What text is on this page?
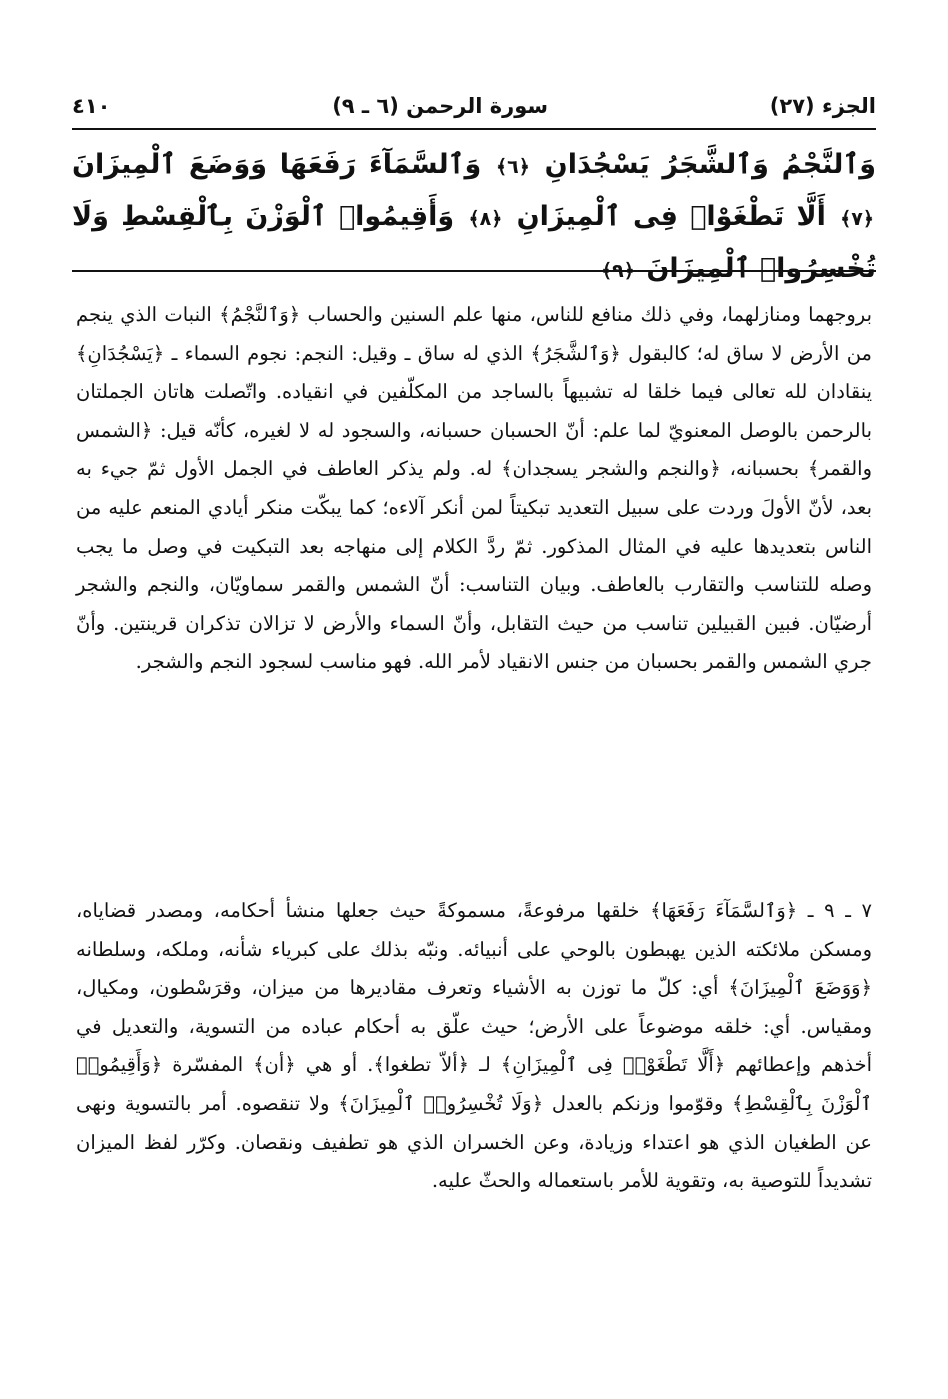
٤١٠	سورة الرحمن (٦ ـ ٩)	الجزء (٢٧)
وَٱلنَّجْمُ وَٱلشَّجَرُ يَسْجُدَانِ ﴿٦﴾ وَٱلسَّمَآءَ رَفَعَهَا وَوَضَعَ ٱلْمِيزَانَ ﴿٧﴾ أَلَّا تَطْغَوْا۟ فِى ٱلْمِيزَانِ ﴿٨﴾ وَأَقِيمُوا۟ ٱلْوَزْنَ بِٱلْقِسْطِ وَلَا تُخْسِرُوا۟ ٱلْمِيزَانَ ﴿٩﴾

بروجهما ومنازلهما، وفي ذلك منافع للناس، منها علم السنين والحساب ﴿وَٱلنَّجْمُ﴾ النبات الذي ينجم من الأرض لا ساق له؛ كالبقول ﴿وَٱلشَّجَرُ﴾ الذي له ساق ـ وقيل: النجم: نجوم السماء ـ ﴿يَسْجُدَانِ﴾ ينقادان لله تعالى فيما خلقا له تشبيهاً بالساجد من المكلّفين في انقياده. واتّصلت هاتان الجملتان بالرحمن بالوصل المعنويّ لما علم: أنّ الحسبان حسبانه، والسجود له لا لغيره، كأنّه قيل: ﴿الشمس والقمر﴾ بحسبانه، ﴿والنجم والشجر يسجدان﴾ له. ولم يذكر العاطف في الجمل الأول ثمّ جيء به بعد، لأنّ الأولَ وردت على سبيل التعديد تبكيتاً لمن أنكر آلاءه؛ كما يبكّت منكر أيادي المنعم عليه من الناس بتعديدها عليه في المثال المذكور. ثمّ ردَّ الكلام إلى منهاجه بعد التبكيت في وصل ما يجب وصله للتناسب والتقارب بالعاطف. وبيان التناسب: أنّ الشمس والقمر سماويّان، والنجم والشجر أرضيّان. فبين القبيلين تناسب من حيث التقابل، وأنّ السماء والأرض لا تزالان تذكران قرينتين. وأنّ جري الشمس والقمر بحسبان من جنس الانقياد لأمر الله. فهو مناسب لسجود النجم والشجر.

٧ ـ ٩ ـ ﴿وَٱلسَّمَآءَ رَفَعَهَا﴾ خلقها مرفوعةً، مسموكةً حيث جعلها منشأ أحكامه، ومصدر قضاياه، ومسكن ملائكته الذين يهبطون بالوحي على أنبيائه. ونبّه بذلك على كبرياء شأنه، وملكه، وسلطانه ﴿وَوَضَعَ ٱلْمِيزَانَ﴾ أي: كلّ ما توزن به الأشياء وتعرف مقاديرها من ميزان، وقرَسْطون، ومكيال، ومقياس. أي: خلقه موضوعاً على الأرض؛ حيث علّق به أحكام عباده من التسوية، والتعديل في أخذهم وإعطائهم ﴿أَلَّا تَطْغَوْا۟ فِى ٱلْمِيزَانِ﴾ لـ ﴿ألاّ تطغوا﴾. أو هي ﴿أن﴾ المفسّرة ﴿وَأَقِيمُوا۟ ٱلْوَزْنَ بِٱلْقِسْطِ﴾ وقوّموا وزنكم بالعدل ﴿وَلَا تُخْسِرُوا۟ ٱلْمِيزَانَ﴾ ولا تنقصوه. أمر بالتسوية ونهى عن الطغيان الذي هو اعتداء وزيادة، وعن الخسران الذي هو تطفيف ونقصان. وكرّر لفظ الميزان تشديداً للتوصية به، وتقوية للأمر باستعماله والحثّ عليه.
